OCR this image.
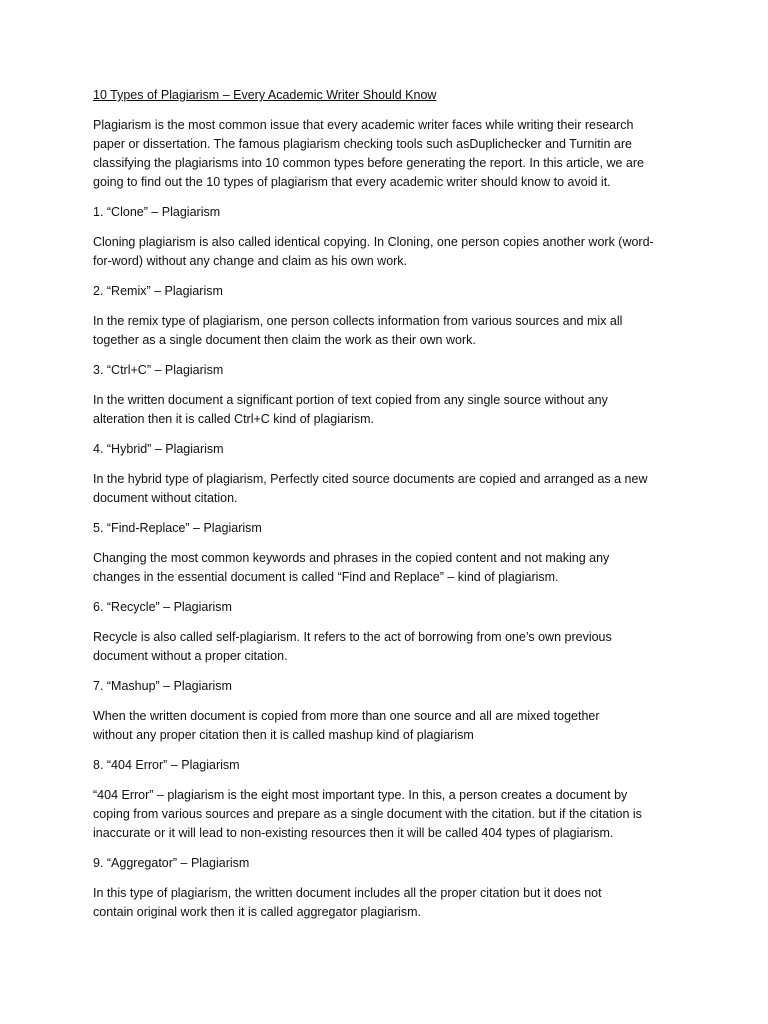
10 Types of Plagiarism – Every Academic Writer Should Know
Plagiarism is the most common issue that every academic writer faces while writing their research
paper or dissertation. The famous plagiarism checking tools such asDuplichecker and Turnitin are
classifying the plagiarisms into 10 common types before generating the report. In this article, we are
going to find out the 10 types of plagiarism that every academic writer should know to avoid it.
1. “Clone” – Plagiarism
Cloning plagiarism is also called identical copying. In Cloning, one person copies another work (word-
for-word) without any change and claim as his own work.
2. “Remix” – Plagiarism
In the remix type of plagiarism, one person collects information from various sources and mix all
together as a single document then claim the work as their own work.
3. “Ctrl+C” – Plagiarism
In the written document a significant portion of text copied from any single source without any
alteration then it is called Ctrl+C kind of plagiarism.
4. “Hybrid” – Plagiarism
In the hybrid type of plagiarism, Perfectly cited source documents are copied and arranged as a new
document without citation.
5. “Find-Replace” – Plagiarism
Changing the most common keywords and phrases in the copied content and not making any
changes in the essential document is called “Find and Replace” – kind of plagiarism.
6. “Recycle” – Plagiarism
Recycle is also called self-plagiarism. It refers to the act of borrowing from one’s own previous
document without a proper citation.
7. “Mashup” – Plagiarism
When the written document is copied from more than one source and all are mixed together
without any proper citation then it is called mashup kind of plagiarism
8. “404 Error” – Plagiarism
“404 Error” – plagiarism is the eight most important type. In this, a person creates a document by
coping from various sources and prepare as a single document with the citation. but if the citation is
inaccurate or it will lead to non-existing resources then it will be called 404 types of plagiarism.
9. “Aggregator” – Plagiarism
In this type of plagiarism, the written document includes all the proper citation but it does not
contain original work then it is called aggregator plagiarism.
